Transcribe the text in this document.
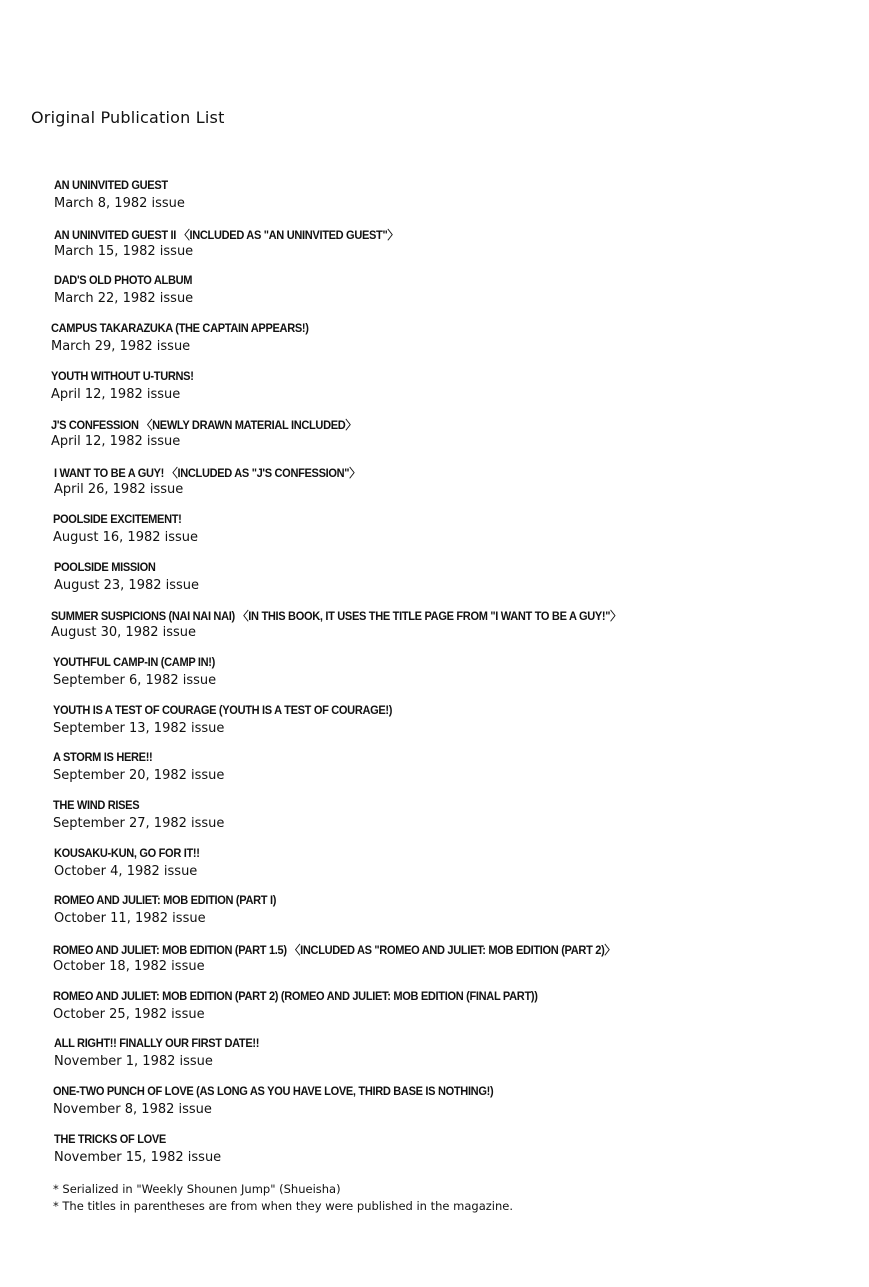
Original Publication List
AN UNINVITED GUEST
March 8, 1982 issue
AN UNINVITED GUEST II 〈INCLUDED AS "AN UNINVITED GUEST"〉
March 15, 1982 issue
DAD'S OLD PHOTO ALBUM
March 22, 1982 issue
CAMPUS TAKARAZUKA (THE CAPTAIN APPEARS!)
March 29, 1982 issue
YOUTH WITHOUT U-TURNS!
April 12, 1982 issue
J'S CONFESSION 〈NEWLY DRAWN MATERIAL INCLUDED〉
April 12, 1982 issue
I WANT TO BE A GUY! 〈INCLUDED AS "J'S CONFESSION"〉
April 26, 1982 issue
POOLSIDE EXCITEMENT!
August 16, 1982 issue
POOLSIDE MISSION
August 23, 1982 issue
SUMMER SUSPICIONS (NAI NAI NAI) 〈IN THIS BOOK, IT USES THE TITLE PAGE FROM "I WANT TO BE A GUY!"〉
August 30, 1982 issue
YOUTHFUL CAMP-IN (CAMP IN!)
September 6, 1982 issue
YOUTH IS A TEST OF COURAGE (YOUTH IS A TEST OF COURAGE!)
September 13, 1982 issue
A STORM IS HERE!!
September 20, 1982 issue
THE WIND RISES
September 27, 1982 issue
KOUSAKU-KUN, GO FOR IT!!
October 4, 1982 issue
ROMEO AND JULIET: MOB EDITION (PART I)
October 11, 1982 issue
ROMEO AND JULIET: MOB EDITION (PART 1.5) 〈INCLUDED AS "ROMEO AND JULIET: MOB EDITION (PART 2)〉
October 18, 1982 issue
ROMEO AND JULIET: MOB EDITION (PART 2) (ROMEO AND JULIET: MOB EDITION (FINAL PART))
October 25, 1982 issue
ALL RIGHT!! FINALLY OUR FIRST DATE!!
November 1, 1982 issue
ONE-TWO PUNCH OF LOVE (AS LONG AS YOU HAVE LOVE, THIRD BASE IS NOTHING!)
November 8, 1982 issue
THE TRICKS OF LOVE
November 15, 1982 issue
* Serialized in "Weekly Shounen Jump" (Shueisha)
* The titles in parentheses are from when they were published in the magazine.
